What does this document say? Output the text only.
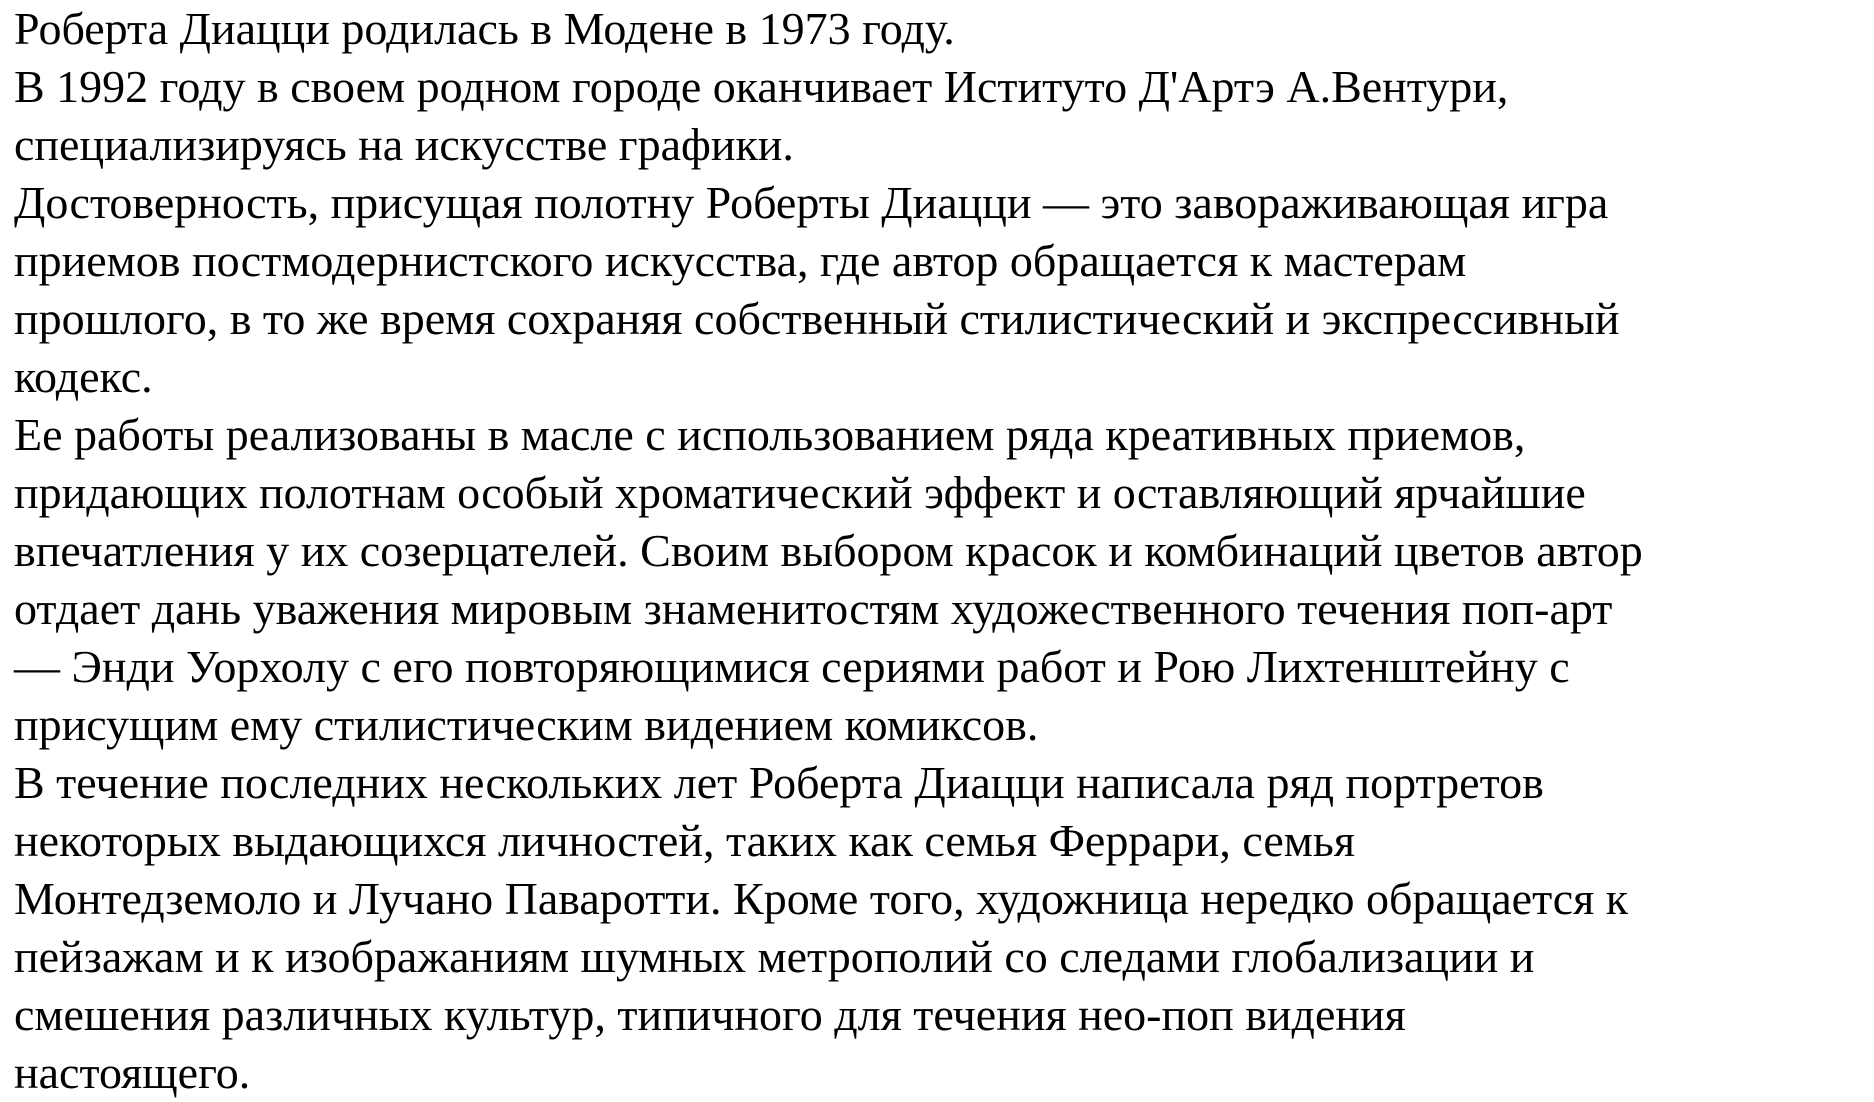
Роберта Диацци родилась в Модене в 1973 году.
В 1992 году в своем родном городе оканчивает Иституто Д'Артэ А.Вентури,
специализируясь на искусстве графики.
Достоверность, присущая полотну Роберты Диацци — это завораживающая игра
приемов постмодернистского искусства, где автор обращается к мастерам
прошлого, в то же время сохраняя собственный стилистический и экспрессивный
кодекс.
Ее работы реализованы в масле с использованием ряда креативных приемов,
придающих полотнам особый хроматический эффект и оставляющий ярчайшие
впечатления у их созерцателей. Своим выбором красок и комбинаций цветов автор
отдает дань уважения мировым знаменитостям художественного течения поп-арт
— Энди Уорхолу с его повторяющимися сериями работ и Рою Лихтенштейну с
присущим ему стилистическим видением комиксов.
В течение последних нескольких лет Роберта Диацци написала ряд портретов
некоторых выдающихся личностей, таких как семья Феррари, семья
Монтедземоло и Лучано Паваротти. Кроме того, художница нередко обращается к
пейзажам и к изображаниям шумных метрополий со следами глобализации и
смешения различных культур, типичного для течения нео-поп видения
настоящего.
